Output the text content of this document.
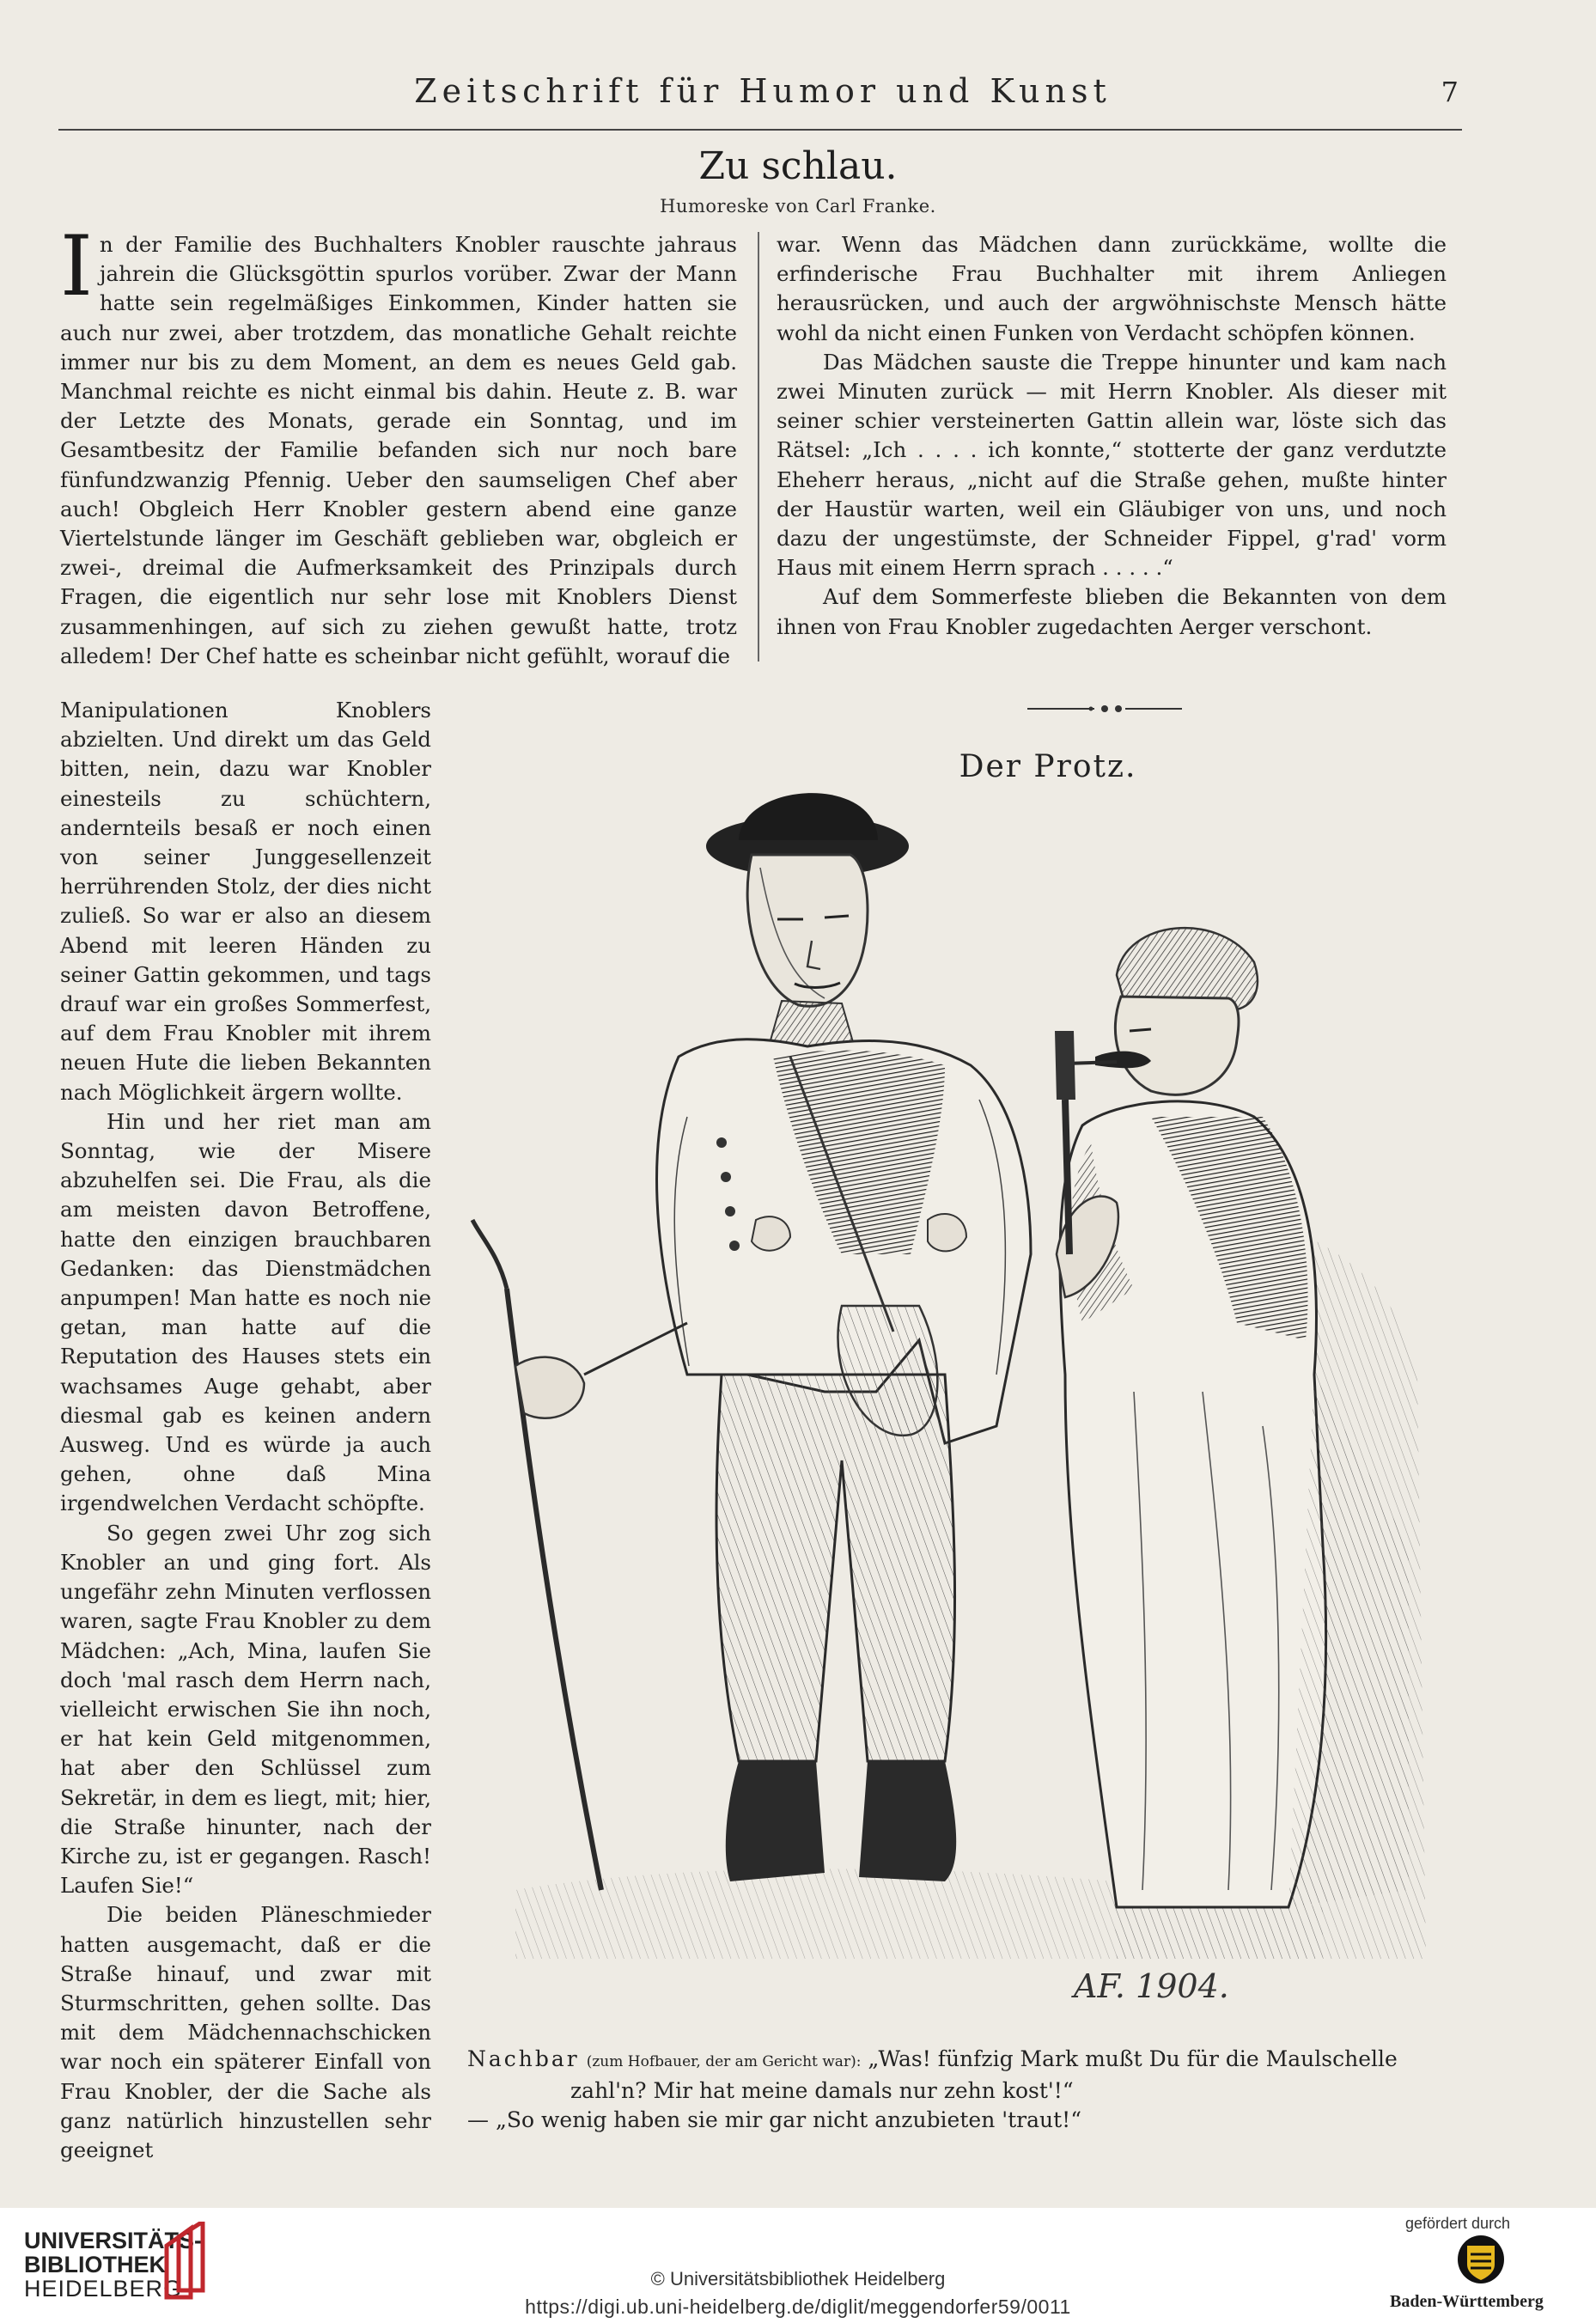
Zeitschrift für Humor und Kunst	7
Zu schlau.
Humoreske von Carl Franke.

In der Familie des Buchhalters Knobler rauschte jahraus jahrein die Glücksgöttin spurlos vorüber. Zwar der Mann hatte sein regelmäßiges Einkommen, Kinder hatten sie auch nur zwei, aber trotzdem, das monatliche Gehalt reichte immer nur bis zu dem Moment, an dem es neues Geld gab. Manchmal reichte es nicht einmal bis dahin. Heute z. B. war der Letzte des Monats, gerade ein Sonntag, und im Gesamtbesitz der Familie befanden sich nur noch bare fünfundzwanzig Pfennig. Ueber den saumseligen Chef aber auch! Obgleich Herr Knobler gestern abend eine ganze Viertelstunde länger im Geschäft geblieben war, obgleich er zwei-, dreimal die Aufmerksamkeit des Prinzipals durch Fragen, die eigentlich nur sehr lose mit Knoblers Dienst zusammenhingen, auf sich zu ziehen gewußt hatte, trotz alledem! Der Chef hatte es scheinbar nicht gefühlt, worauf die

war. Wenn das Mädchen dann zurückkäme, wollte die erfinderische Frau Buchhalter mit ihrem Anliegen herausrücken, und auch der argwöhnischste Mensch hätte wohl da nicht einen Funken von Verdacht schöpfen können.

Das Mädchen sauste die Treppe hinunter und kam nach zwei Minuten zurück — mit Herrn Knobler. Als dieser mit seiner schier versteinerten Gattin allein war, löste sich das Rätsel: „Ich . . . . ich konnte,“ stotterte der ganz verdutzte Eheherr heraus, „nicht auf die Straße gehen, mußte hinter der Haustür warten, weil ein Gläubiger von uns, und noch dazu der ungestümste, der Schneider Fippel, g'rad' vorm Haus mit einem Herrn sprach . . . . .“

Auf dem Sommerfeste blieben die Bekannten von dem ihnen von Frau Knobler zugedachten Aerger verschont.

Manipulationen Knoblers abzielten. Und direkt um das Geld bitten, nein, dazu war Knobler einesteils zu schüchtern, andernteils besaß er noch einen von seiner Junggesellenzeit herrührenden Stolz, der dies nicht zuließ. So war er also an diesem Abend mit leeren Händen zu seiner Gattin gekommen, und tags drauf war ein großes Sommerfest, auf dem Frau Knobler mit ihrem neuen Hute die lieben Bekannten nach Möglichkeit ärgern wollte.

Hin und her riet man am Sonntag, wie der Misere abzuhelfen sei. Die Frau, als die am meisten davon Betroffene, hatte den einzigen brauchbaren Gedanken: das Dienstmädchen anpumpen! Man hatte es noch nie getan, man hatte auf die Reputation des Hauses stets ein wachsames Auge gehabt, aber diesmal gab es keinen andern Ausweg. Und es würde ja auch gehen, ohne daß Mina irgendwelchen Verdacht schöpfte.

So gegen zwei Uhr zog sich Knobler an und ging fort. Als ungefähr zehn Minuten verflossen waren, sagte Frau Knobler zu dem Mädchen: „Ach, Mina, laufen Sie doch 'mal rasch dem Herrn nach, vielleicht erwischen Sie ihn noch, er hat kein Geld mitgenommen, hat aber den Schlüssel zum Sekretär, in dem es liegt, mit; hier, die Straße hinunter, nach der Kirche zu, ist er gegangen. Rasch! Laufen Sie!“

Die beiden Pläneschmieder hatten ausgemacht, daß er die Straße hinauf, und zwar mit Sturmschritten, gehen sollte. Das mit dem Mädchennachschicken war noch ein späterer Einfall von Frau Knobler, der die Sache als ganz natürlich hinzustellen sehr geeignet

Der Protz.
AF. 1904.
Nachbar (zum Hofbauer, der am Gericht war): „Was! fünfzig Mark mußt Du für die Maulschelle
zahl'n? Mir hat meine damals nur zehn kost'!“
— „So wenig haben sie mir gar nicht anzubieten 'traut!“
UNIVERSITÄTS-
BIBLIOTHEK
HEIDELBERG	© Universitätsbibliothek Heidelberg
https://digi.ub.uni-heidelberg.de/diglit/meggendorfer59/0011
gefördert durch
Baden-Württemberg
